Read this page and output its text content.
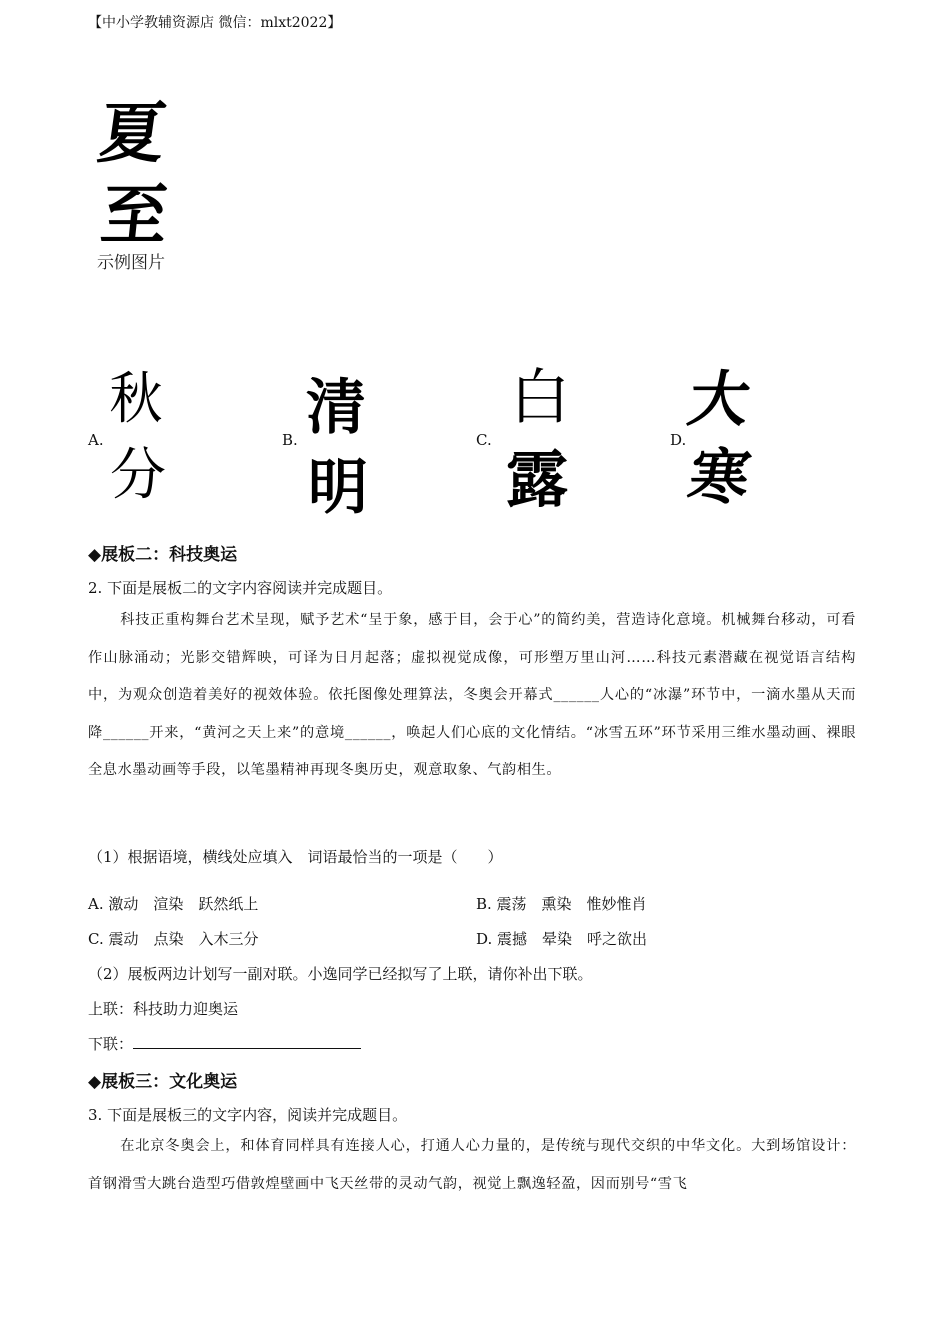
【中小学教辅资源店 微信：mlxt2022】
夏
至
示例图片
A.
秋
分
B. 清
明
C.
白
露
D.
大
寒
◆展板二：科技奥运
2. 下面是展板二的文字内容阅读并完成题目。
科技正重构舞台艺术呈现，赋予艺术“呈于象，感于目，会于心”的简约美，营造诗化意境。机械舞台移动，可看作山脉涌动；光影交错辉映，可译为日月起落；虚拟视觉成像，可形塑万里山河……科技元素潜藏在视觉语言结构中，为观众创造着美好的视效体验。依托图像处理算法，冬奥会开幕式______人心的“冰瀑”环节中，一滴水墨从天而降______开来，“黄河之天上来”的意境______，唤起人们心底的文化情结。“冰雪五环”环节采用三维水墨动画、裸眼全息水墨动画等手段，以笔墨精神再现冬奥历史，观意取象、气韵相生。
（1）根据语境，横线处应填入　词语最恰当的一项是（　　）
A. 激动　渲染　跃然纸上	B. 震荡　熏染　惟妙惟肖
C. 震动　点染　入木三分	D. 震撼　晕染　呼之欲出
（2）展板两边计划写一副对联。小逸同学已经拟写了上联，请你补出下联。
上联：科技助力迎奥运
下联：
◆展板三：文化奥运
3. 下面是展板三的文字内容，阅读并完成题目。
在北京冬奥会上，和体育同样具有连接人心，打通人心力量的，是传统与现代交织的中华文化。大到场馆设计：首钢滑雪大跳台造型巧借敦煌壁画中飞天丝带的灵动气韵，视觉上飘逸轻盈，因而别号“雪飞
